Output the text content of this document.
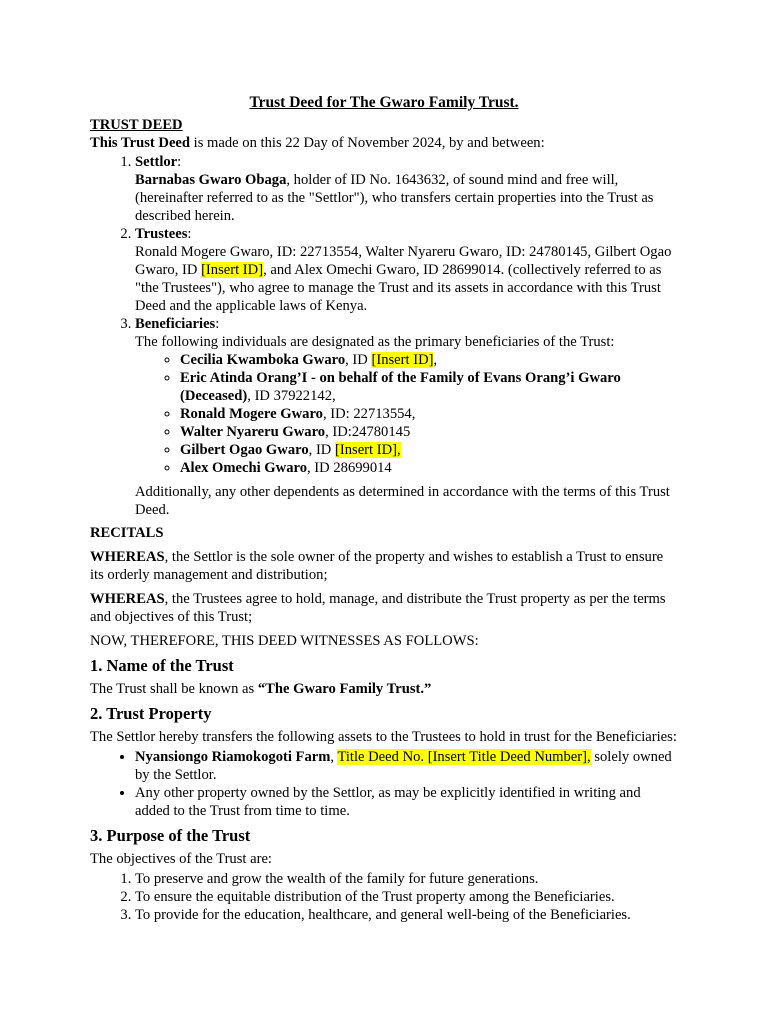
Trust Deed for The Gwaro Family Trust.

TRUST DEED

This Trust Deed is made on this 22 Day of November 2024, by and between:

1. Settlor:
Barnabas Gwaro Obaga, holder of ID No. 1643632, of sound mind and free will, (hereinafter referred to as the "Settlor"), who transfers certain properties into the Trust as described herein.
2. Trustees:
Ronald Mogere Gwaro, ID: 22713554, Walter Nyareru Gwaro, ID: 24780145, Gilbert Ogao Gwaro, ID [Insert ID], and Alex Omechi Gwaro, ID 28699014. (collectively referred to as "the Trustees"), who agree to manage the Trust and its assets in accordance with this Trust Deed and the applicable laws of Kenya.
3. Beneficiaries:
The following individuals are designated as the primary beneficiaries of the Trust:
◦ Cecilia Kwamboka Gwaro, ID [Insert ID],
◦ Eric Atinda Orang’I - on behalf of the Family of Evans Orang’i Gwaro (Deceased), ID 37922142,
◦ Ronald Mogere Gwaro, ID: 22713554,
◦ Walter Nyareru Gwaro, ID:24780145
◦ Gilbert Ogao Gwaro, ID [Insert ID],
◦ Alex Omechi Gwaro, ID 28699014

Additionally, any other dependents as determined in accordance with the terms of this Trust Deed.

RECITALS

WHEREAS, the Settlor is the sole owner of the property and wishes to establish a Trust to ensure its orderly management and distribution;

WHEREAS, the Trustees agree to hold, manage, and distribute the Trust property as per the terms and objectives of this Trust;

NOW, THEREFORE, THIS DEED WITNESSES AS FOLLOWS:

1. Name of the Trust

The Trust shall be known as “The Gwaro Family Trust.”

2. Trust Property

The Settlor hereby transfers the following assets to the Trustees to hold in trust for the Beneficiaries:

• Nyansiongo Riamokogoti Farm, Title Deed No. [Insert Title Deed Number], solely owned by the Settlor.
• Any other property owned by the Settlor, as may be explicitly identified in writing and added to the Trust from time to time.
3. Purpose of the Trust

The objectives of the Trust are:

1. To preserve and grow the wealth of the family for future generations.
2. To ensure the equitable distribution of the Trust property among the Beneficiaries.
3. To provide for the education, healthcare, and general well-being of the Beneficiaries.
